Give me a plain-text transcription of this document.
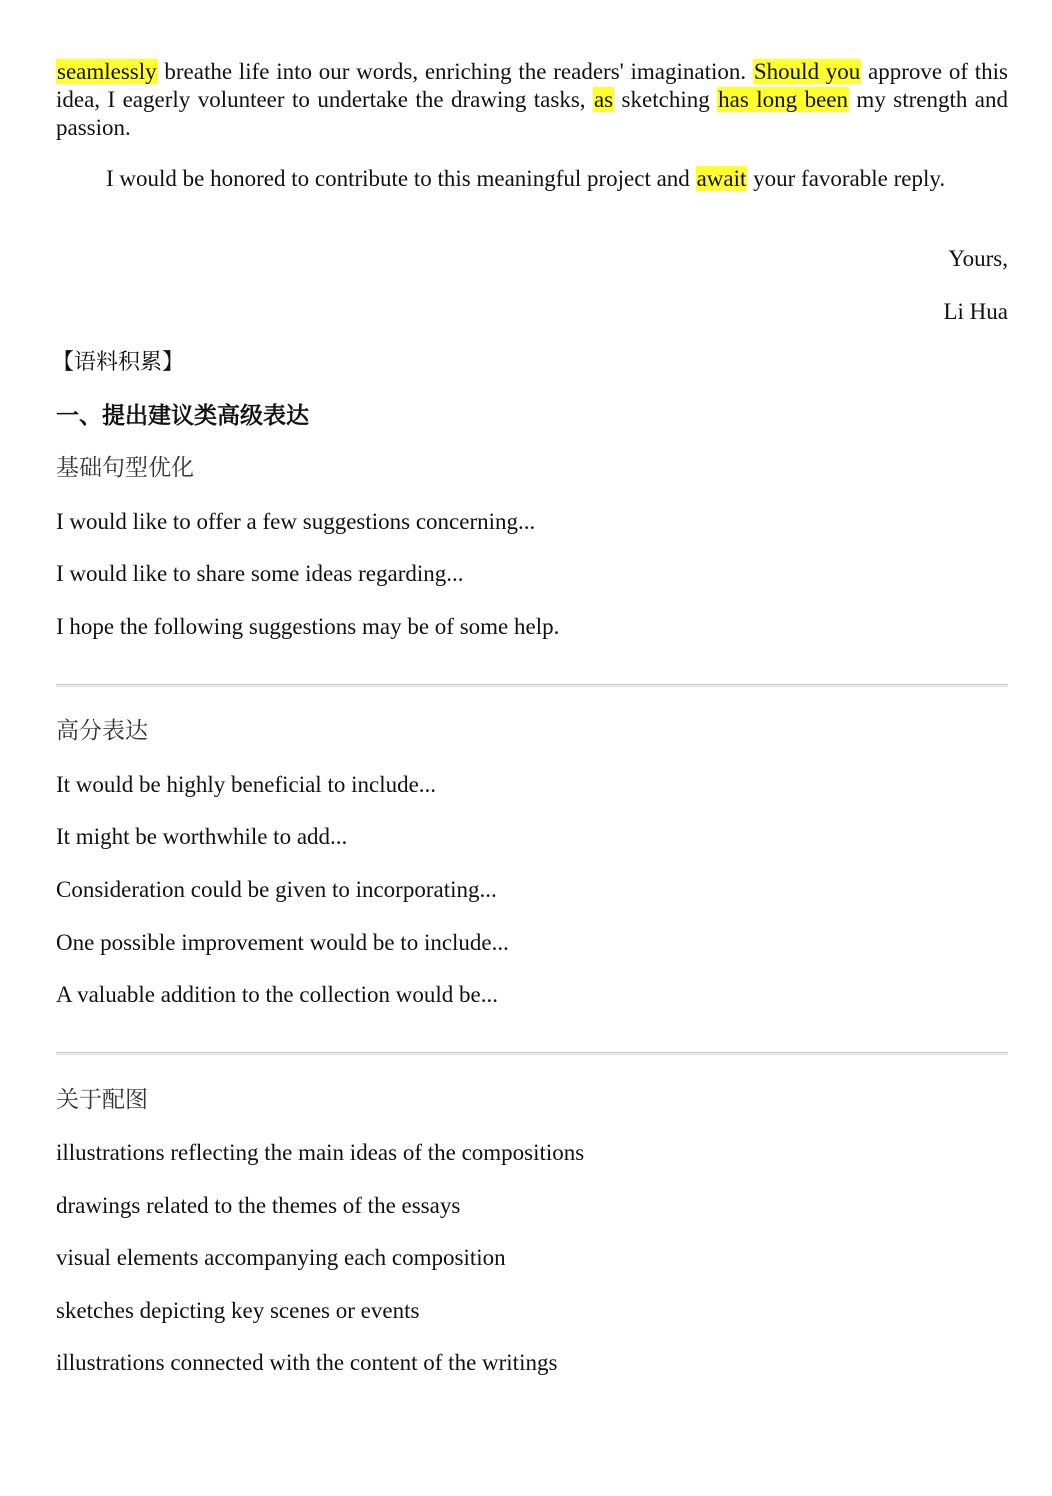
seamlessly breathe life into our words, enriching the readers' imagination. Should you approve of this idea, I eagerly volunteer to undertake the drawing tasks, as sketching has long been my strength and passion.

I would be honored to contribute to this meaningful project and await your favorable reply.

Yours,

Li Hua

【语料积累】

一、提出建议类高级表达

基础句型优化

I would like to offer a few suggestions concerning...

I would like to share some ideas regarding...

I hope the following suggestions may be of some help.

高分表达

It would be highly beneficial to include...

It might be worthwhile to add...

Consideration could be given to incorporating...

One possible improvement would be to include...

A valuable addition to the collection would be...

关于配图

illustrations reflecting the main ideas of the compositions

drawings related to the themes of the essays

visual elements accompanying each composition

sketches depicting key scenes or events

illustrations connected with the content of the writings
